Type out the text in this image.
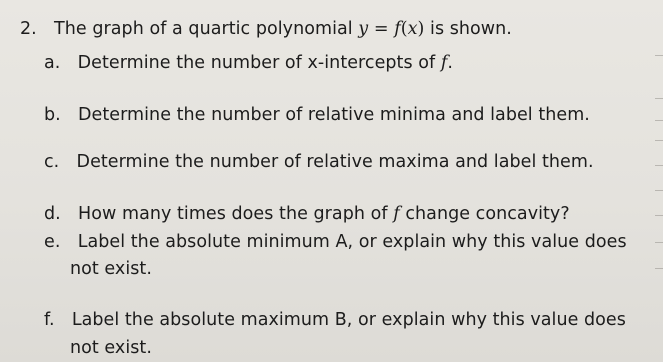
2. The graph of a quartic polynomial y = f(x) is shown.
a. Determine the number of x-intercepts of f.
b. Determine the number of relative minima and label them.
c. Determine the number of relative maxima and label them.
d. How many times does the graph of f change concavity?
e. Label the absolute minimum A, or explain why this value does
not exist.
f. Label the absolute maximum B, or explain why this value does
not exist.
